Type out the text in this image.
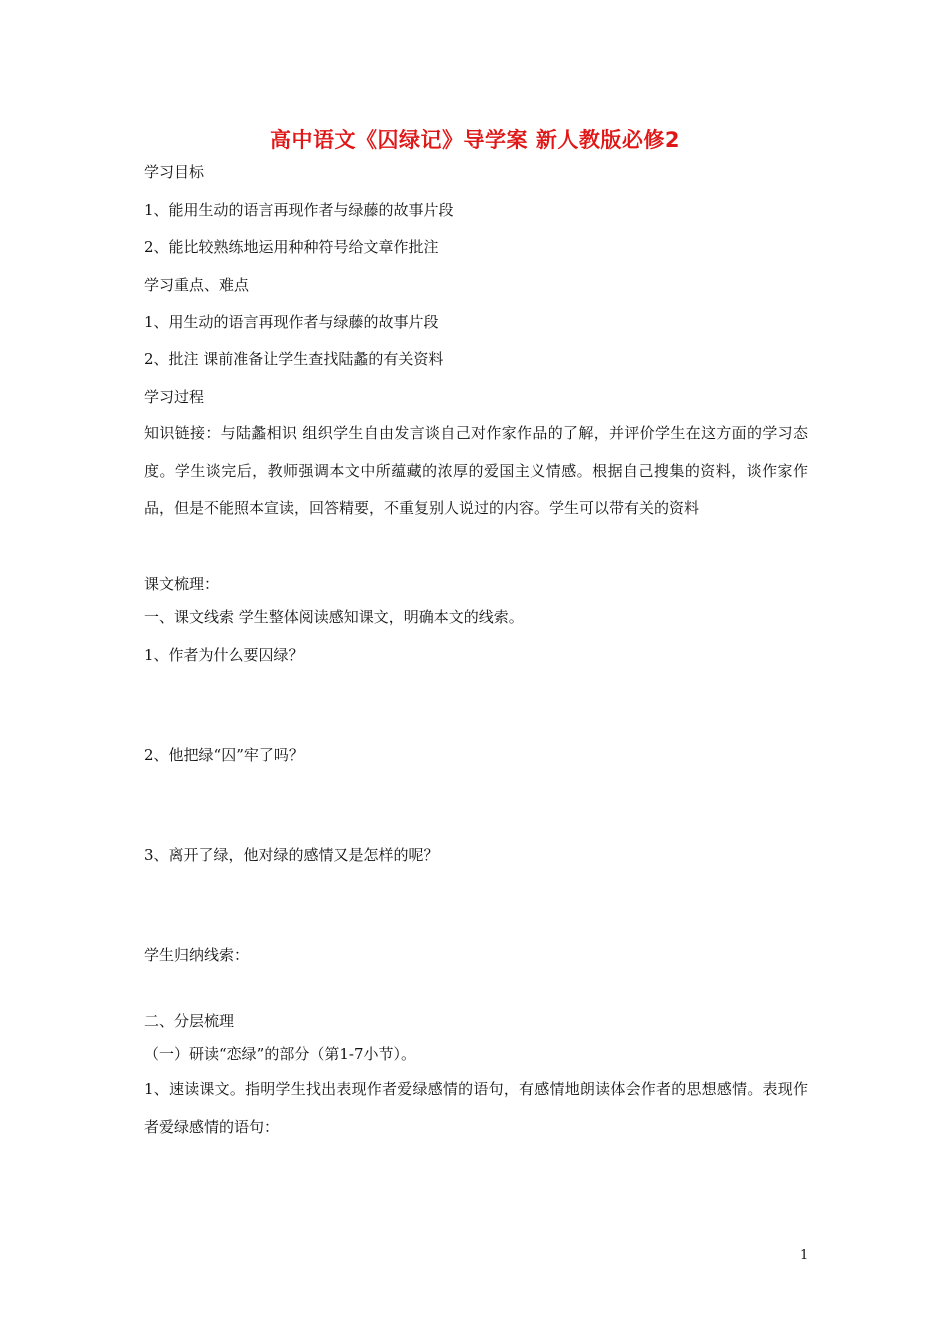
高中语文《囚绿记》导学案 新人教版必修2
学习目标
1、能用生动的语言再现作者与绿藤的故事片段
2、能比较熟练地运用种种符号给文章作批注
学习重点、难点
1、用生动的语言再现作者与绿藤的故事片段
2、批注 课前准备让学生查找陆蠡的有关资料
学习过程
知识链接：与陆蠡相识 组织学生自由发言谈自己对作家作品的了解，并评价学生在这方面的学习态度。学生谈完后，教师强调本文中所蕴藏的浓厚的爱国主义情感。根据自己搜集的资料，谈作家作品，但是不能照本宣读，回答精要，不重复别人说过的内容。学生可以带有关的资料
课文梳理：
一、课文线索 学生整体阅读感知课文，明确本文的线索。
1、作者为什么要囚绿？
2、他把绿“囚”牢了吗？
3、离开了绿，他对绿的感情又是怎样的呢？
学生归纳线索：
二、分层梳理
（一）研读“恋绿”的部分（第1-7小节）。
1、速读课文。指明学生找出表现作者爱绿感情的语句，有感情地朗读体会作者的思想感情。表现作者爱绿感情的语句：
1
